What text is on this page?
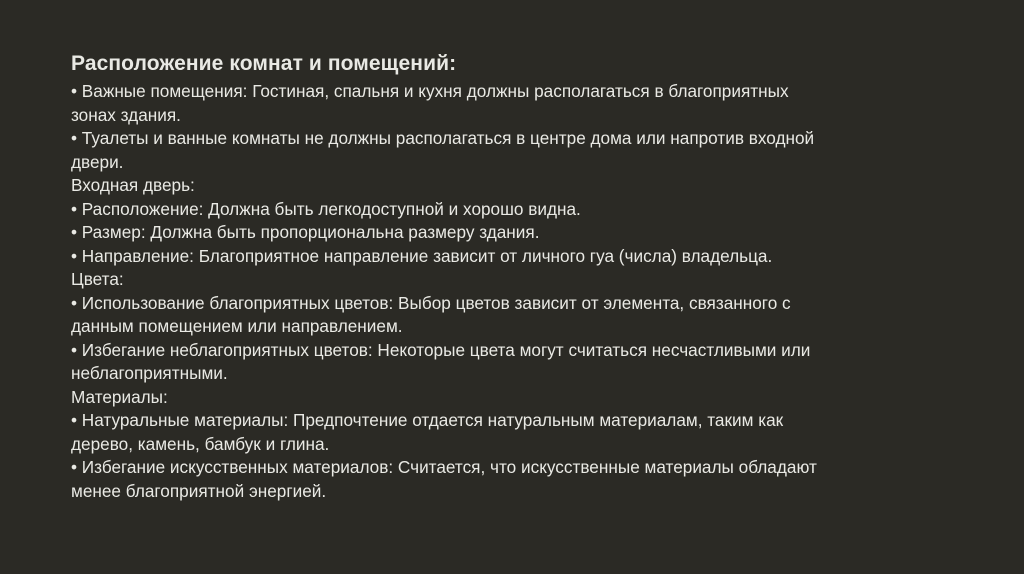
Расположение комнат и помещений:
• Важные помещения: Гостиная, спальня и кухня должны располагаться в благоприятных
зонах здания.
• Туалеты и ванные комнаты не должны располагаться в центре дома или напротив входной
двери.
Входная дверь:
• Расположение: Должна быть легкодоступной и хорошо видна.
• Размер: Должна быть пропорциональна размеру здания.
• Направление: Благоприятное направление зависит от личного гуа (числа) владельца.
Цвета:
• Использование благоприятных цветов: Выбор цветов зависит от элемента, связанного с
данным помещением или направлением.
• Избегание неблагоприятных цветов: Некоторые цвета могут считаться несчастливыми или
неблагоприятными.
Материалы:
• Натуральные материалы: Предпочтение отдается натуральным материалам, таким как
дерево, камень, бамбук и глина.
• Избегание искусственных материалов: Считается, что искусственные материалы обладают
менее благоприятной энергией.
